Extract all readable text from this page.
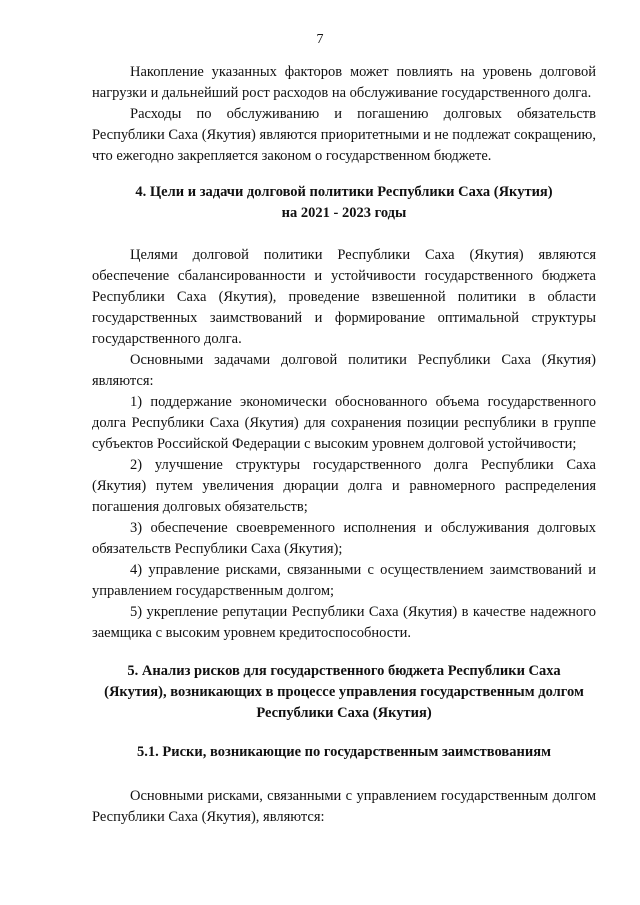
7

Накопление указанных факторов может повлиять на уровень долговой нагрузки и дальнейший рост расходов на обслуживание государственного долга.

Расходы по обслуживанию и погашению долговых обязательств Республики Саха (Якутия) являются приоритетными и не подлежат сокращению, что ежегодно закрепляется законом о государственном бюджете.

4. Цели и задачи долговой политики Республики Саха (Якутия)

на 2021 - 2023 годы

Целями долговой политики Республики Саха (Якутия) являются обеспечение сбалансированности и устойчивости государственного бюджета Республики Саха (Якутия), проведение взвешенной политики в области государственных заимствований и формирование оптимальной структуры государственного долга.

Основными задачами долговой политики Республики Саха (Якутия) являются:

1) поддержание экономически обоснованного объема государственного долга Республики Саха (Якутия) для сохранения позиции республики в группе субъектов Российской Федерации с высоким уровнем долговой устойчивости;

2) улучшение структуры государственного долга Республики Саха (Якутия) путем увеличения дюрации долга и равномерного распределения погашения долговых обязательств;

3) обеспечение своевременного исполнения и обслуживания долговых обязательств Республики Саха (Якутия);

4) управление рисками, связанными с осуществлением заимствований и управлением государственным долгом;

5) укрепление репутации Республики Саха (Якутия) в качестве надежного заемщика с высоким уровнем кредитоспособности.

5. Анализ рисков для государственного бюджета Республики Саха

(Якутия), возникающих в процессе управления государственным долгом

Республики Саха (Якутия)

5.1. Риски, возникающие по государственным заимствованиям

Основными рисками, связанными с управлением государственным долгом Республики Саха (Якутия), являются:
